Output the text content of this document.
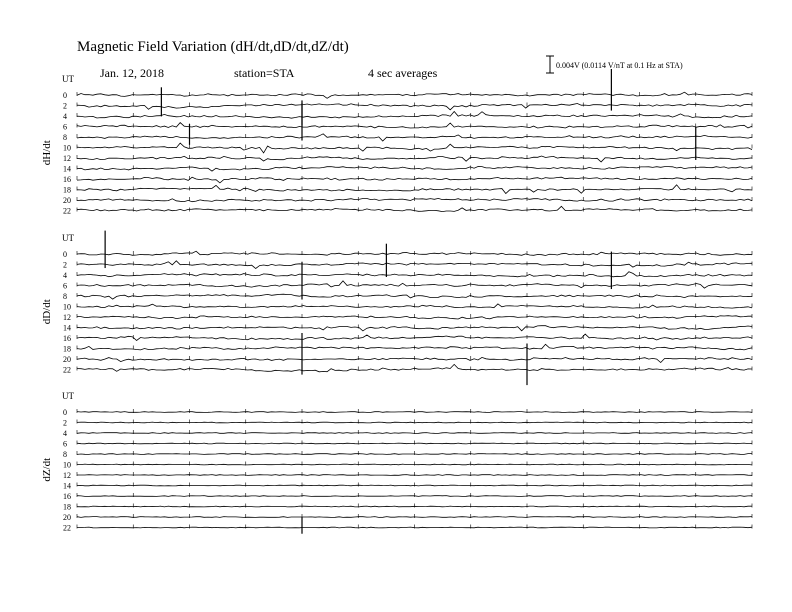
Magnetic Field Variation (dH/dt,dD/dt,dZ/dt)
Jan. 12, 2018	station=STA	4 sec averages
0.004V (0.0114 V/nT at 0.1 Hz at STA)
UT
dH/dt
0
2
4
6
8
10
12
14
16
18
20
22
UT
dD/dt
0
2
4
6
8
10
12
14
16
18
20
22
UT
dZ/dt
0
2
4
6
8
10
12
14
16
18
20
22
